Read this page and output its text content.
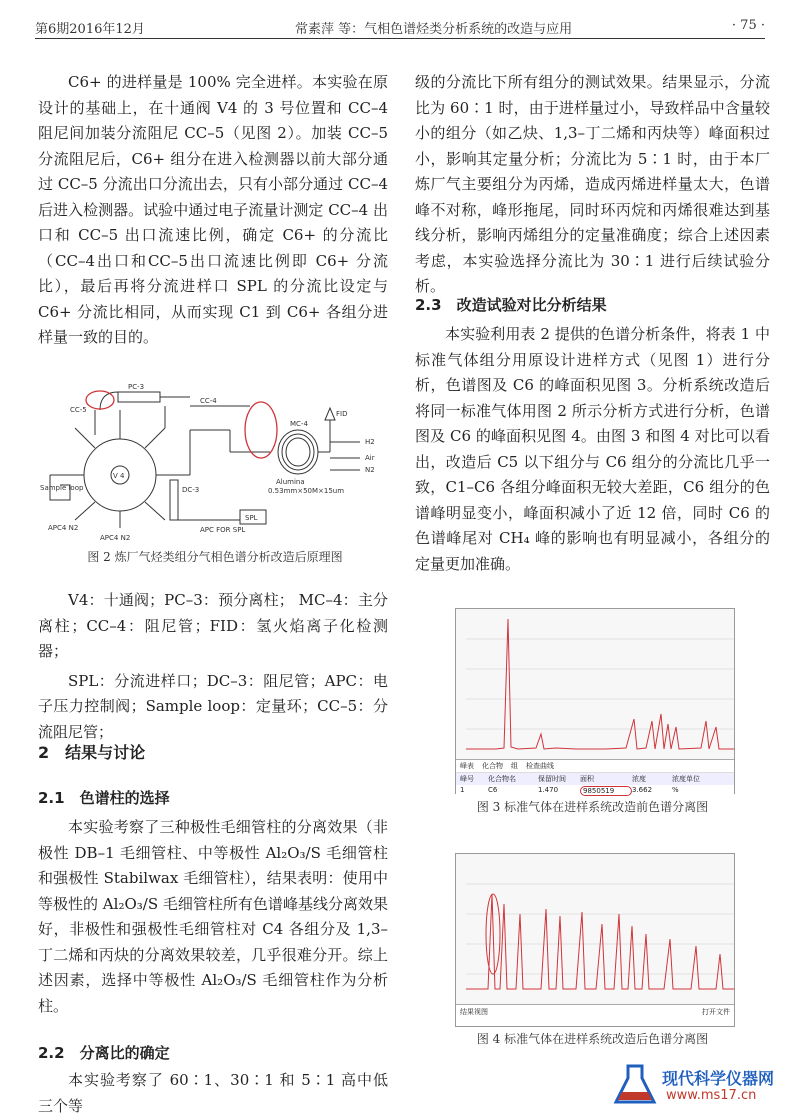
第6期2016年12月	常素萍 等：气相色谱烃类分析系统的改造与应用	· 75 ·

C6+ 的进样量是 100% 完全进样。本实验在原设计的基础上，在十通阀 V4 的 3 号位置和 CC–4 阻尼间加装分流阻尼 CC–5（见图 2）。加装 CC–5 分流阻尼后，C6+ 组分在进入检测器以前大部分通过 CC–5 分流出口分流出去，只有小部分通过 CC–4 后进入检测器。试验中通过电子流量计测定 CC–4 出口和 CC–5 出口流速比例，确定 C6+ 的分流比（CC–4出口和CC–5出口流速比例即 C6+ 分流比），最后再将分流进样口 SPL 的分流比设定与 C6+ 分流比相同，从而实现 C1 到 C6+ 各组分进样量一致的目的。

PC-3
CC-4
CC-5
V 4
DC-3
MC-4
Alumina
0.53mm×50M×15um
FID
Sample loop
APC FOR SPL
APC4 N2
APC4 N2
SPL
H2
Air
N2
图 2 炼厂气烃类组分气相色谱分析改造后原理图

V4：十通阀；PC–3：预分离柱； MC–4：主分离柱；CC–4：阻尼管；FID：氢火焰离子化检测器；

SPL：分流进样口；DC–3：阻尼管；APC：电子压力控制阀；Sample loop：定量环；CC–5：分流阻尼管；

2　结果与讨论
2.1　色谱柱的选择

本实验考察了三种极性毛细管柱的分离效果（非极性 DB–1 毛细管柱、中等极性 Al₂O₃/S 毛细管柱和强极性 Stabilwax 毛细管柱），结果表明：使用中等极性的 Al₂O₃/S 毛细管柱所有色谱峰基线分离效果好，非极性和强极性毛细管柱对 C4 各组分及 1,3–丁二烯和丙炔的分离效果较差，几乎很难分开。综上述因素，选择中等极性 Al₂O₃/S 毛细管柱作为分析柱。

2.2　分离比的确定

本实验考察了 60∶1、30∶1 和 5∶1 高中低三个等

级的分流比下所有组分的测试效果。结果显示，分流比为 60∶1 时，由于进样量过小，导致样品中含量较小的组分（如乙炔、1,3–丁二烯和丙炔等）峰面积过小，影响其定量分析；分流比为 5∶1 时，由于本厂炼厂气主要组分为丙烯，造成丙烯进样量太大，色谱峰不对称，峰形拖尾，同时环丙烷和丙烯很难达到基线分析，影响丙烯组分的定量准确度；综合上述因素考虑，本实验选择分流比为 30∶1 进行后续试验分析。

2.3　改造试验对比分析结果

本实验利用表 2 提供的色谱分析条件，将表 1 中标准气体组分用原设计进样方式（见图 1）进行分析，色谱图及 C6 的峰面积见图 3。分析系统改造后将同一标准气体用图 2 所示分析方式进行分析，色谱图及 C6 的峰面积见图 4。由图 3 和图 4 对比可以看出，改造后 C5 以下组分与 C6 组分的分流比几乎一致，C1–C6 各组分峰面积无较大差距，C6 组分的色谱峰明显变小，峰面积减小了近 12 倍，同时 C6 的色谱峰尾对 CH₄ 峰的影响也有明显减小，各组分的定量更加准确。

峰表 化合物 组 检查曲线
峰号	化合物名	保留时间	面积	浓度	浓度单位
1	C6	1.470	9850519	3.662	%
图 3 标准气体在进样系统改造前色谱分离图
结果视图	打开文件
图 4 标准气体在进样系统改造后色谱分离图
现代科学仪器网
www.ms17.cn
